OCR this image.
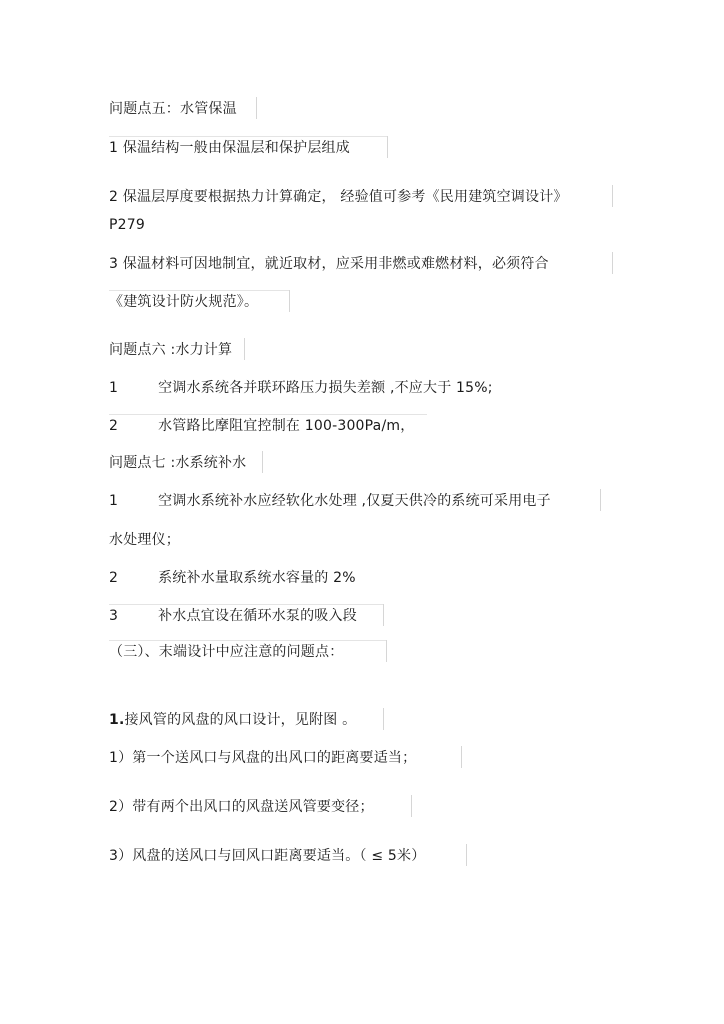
问题点五：水管保温
1 保温结构一般由保温层和保护层组成
2 保温层厚度要根据热力计算确定， 经验值可参考《民用建筑空调设计》
P279
3 保温材料可因地制宜，就近取材，应采用非燃或难燃材料，必须符合
《建筑设计防火规范》。
问题点六 :水力计算
1	空调水系统各并联环路压力损失差额 ,不应大于 15%;
2	水管路比摩阻宜控制在 100-300Pa/m，
问题点七 :水系统补水
1	空调水系统补水应经软化水处理 ,仅夏天供冷的系统可采用电子
水处理仪；
2	系统补水量取系统水容量的 2%
3	补水点宜设在循环水泵的吸入段
（三）、末端设计中应注意的问题点：
1.接风管的风盘的风口设计，见附图 。
1）第一个送风口与风盘的出风口的距离要适当；
2）带有两个出风口的风盘送风管要变径；
3）风盘的送风口与回风口距离要适当。（ ≤ 5米）
